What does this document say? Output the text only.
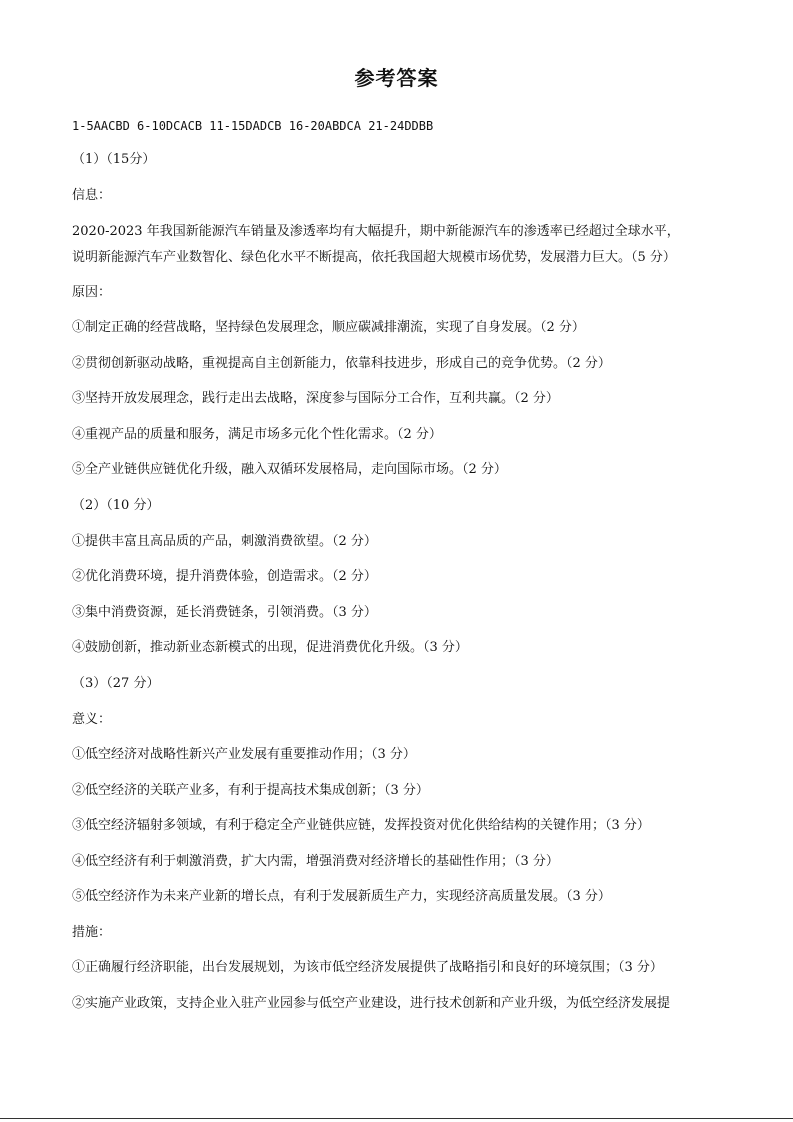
参考答案
1-5AACBD 6-10DCACB 11-15DADCB 16-20ABDCA 21-24DDBB
（1）（15分）
信息：
2020-2023 年我国新能源汽车销量及渗透率均有大幅提升，期中新能源汽车的渗透率已经超过全球水平，
说明新能源汽车产业数智化、绿色化水平不断提高，依托我国超大规模市场优势，发展潜力巨大。（5 分）
原因：
①制定正确的经营战略，坚持绿色发展理念，顺应碳减排潮流，实现了自身发展。（2 分）
②贯彻创新驱动战略，重视提高自主创新能力，依靠科技进步，形成自己的竞争优势。（2 分）
③坚持开放发展理念，践行走出去战略，深度参与国际分工合作，互利共赢。（2 分）
④重视产品的质量和服务，满足市场多元化个性化需求。（2 分）
⑤全产业链供应链优化升级，融入双循环发展格局，走向国际市场。（2 分）
（2）（10 分）
①提供丰富且高品质的产品，刺激消费欲望。（2 分）
②优化消费环境，提升消费体验，创造需求。（2 分）
③集中消费资源，延长消费链条，引领消费。（3 分）
④鼓励创新，推动新业态新模式的出现，促进消费优化升级。（3 分）
（3）（27 分）
意义：
①低空经济对战略性新兴产业发展有重要推动作用；（3 分）
②低空经济的关联产业多，有利于提高技术集成创新；（3 分）
③低空经济辐射多领域，有利于稳定全产业链供应链，发挥投资对优化供给结构的关键作用；（3 分）
④低空经济有利于刺激消费，扩大内需，增强消费对经济增长的基础性作用；（3 分）
⑤低空经济作为未来产业新的增长点，有利于发展新质生产力，实现经济高质量发展。（3 分）
措施：
①正确履行经济职能，出台发展规划，为该市低空经济发展提供了战略指引和良好的环境氛围；（3 分）
②实施产业政策，支持企业入驻产业园参与低空产业建设，进行技术创新和产业升级，为低空经济发展提
